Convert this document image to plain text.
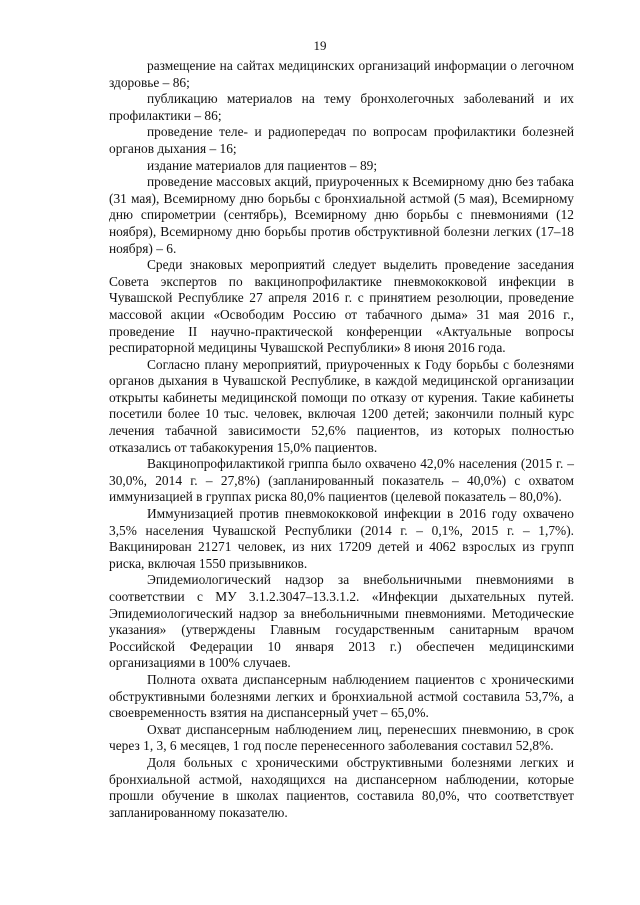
19

размещение на сайтах медицинских организаций информации о легочном здоровье – 86;

публикацию материалов на тему бронхолегочных заболеваний и их профилактики – 86;

проведение теле- и радиопередач по вопросам профилактики болезней органов дыхания – 16;

издание материалов для пациентов – 89;

проведение массовых акций, приуроченных к Всемирному дню без табака (31 мая), Всемирному дню борьбы с бронхиальной астмой (5 мая), Всемирному дню спирометрии (сентябрь), Всемирному дню борьбы с пневмониями (12 ноября), Всемирному дню борьбы против обструктивной болезни легких (17–18 ноября) – 6.

Среди знаковых мероприятий следует выделить проведение заседания Совета экспертов по вакцинопрофилактике пневмококковой инфекции в Чувашской Республике 27 апреля 2016 г. с принятием резолюции, проведение массовой акции «Освободим Россию от табачного дыма» 31 мая 2016 г., проведение II научно-практической конференции «Актуальные вопросы респираторной медицины Чувашской Республики» 8 июня 2016 года.

Согласно плану мероприятий, приуроченных к Году борьбы с болезнями органов дыхания в Чувашской Республике, в каждой медицинской организации открыты кабинеты медицинской помощи по отказу от курения. Такие кабинеты посетили более 10 тыс. человек, включая 1200 детей; закончили полный курс лечения табачной зависимости 52,6% пациентов, из которых полностью отказались от табакокурения 15,0% пациентов.

Вакцинопрофилактикой гриппа было охвачено 42,0% населения (2015 г. – 30,0%, 2014 г. – 27,8%) (запланированный показатель – 40,0%) с охватом иммунизацией в группах риска 80,0% пациентов (целевой показатель – 80,0%).

Иммунизацией против пневмококковой инфекции в 2016 году охвачено 3,5% населения Чувашской Республики (2014 г. – 0,1%, 2015 г. – 1,7%). Вакцинирован 21271 человек, из них 17209 детей и 4062 взрослых из групп риска, включая 1550 призывников.

Эпидемиологический надзор за внебольничными пневмониями в соответствии с МУ 3.1.2.3047–13.3.1.2. «Инфекции дыхательных путей. Эпидемиологический надзор за внебольничными пневмониями. Методические указания» (утверждены Главным государственным санитарным врачом Российской Федерации 10 января 2013 г.) обеспечен медицинскими организациями в 100% случаев.

Полнота охвата диспансерным наблюдением пациентов с хроническими обструктивными болезнями легких и бронхиальной астмой составила 53,7%, а своевременность взятия на диспансерный учет – 65,0%.

Охват диспансерным наблюдением лиц, перенесших пневмонию, в срок через 1, 3, 6 месяцев, 1 год после перенесенного заболевания составил 52,8%.

Доля больных с хроническими обструктивными болезнями легких и бронхиальной астмой, находящихся на диспансерном наблюдении, которые прошли обучение в школах пациентов, составила 80,0%, что соответствует запланированному показателю.
